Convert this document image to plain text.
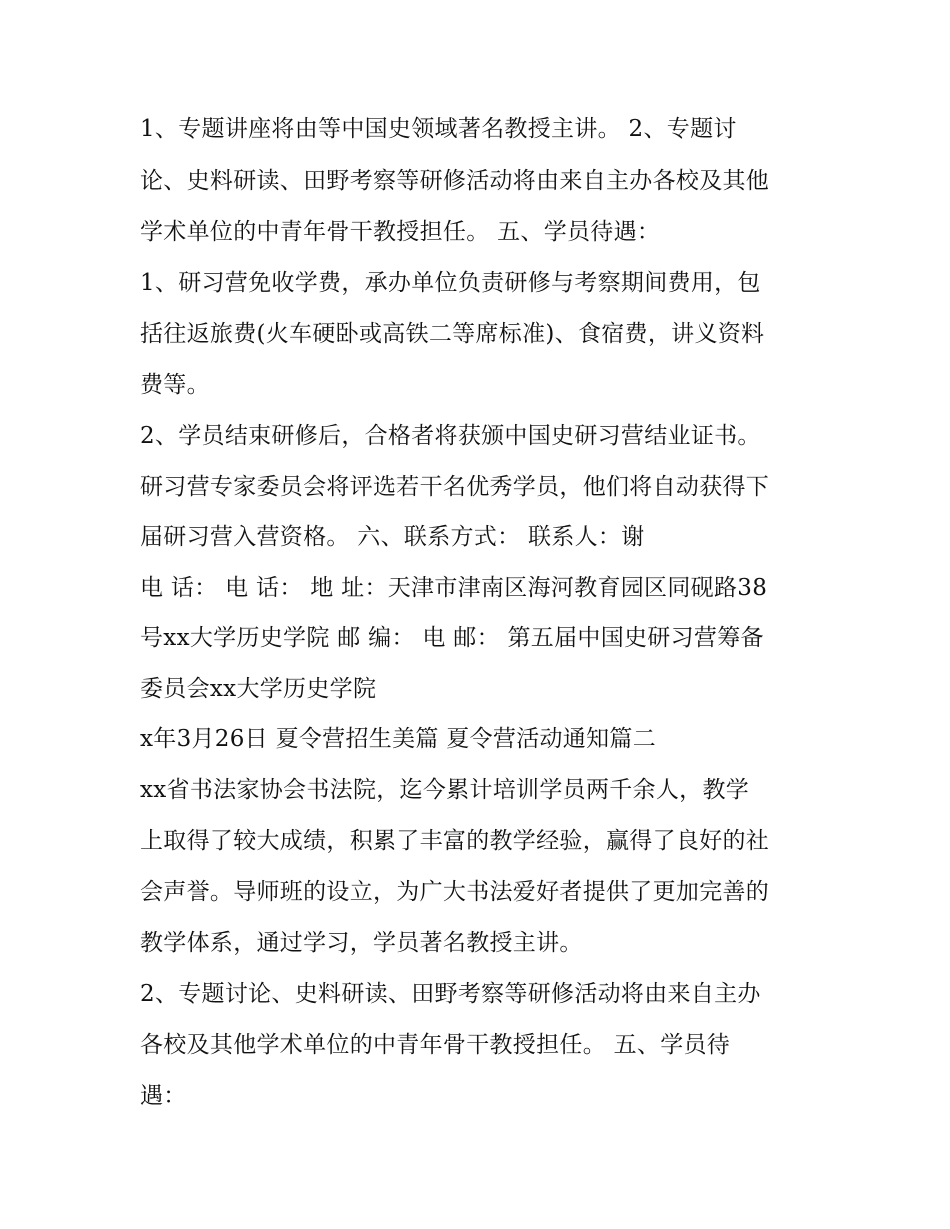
1、专题讲座将由等中国史领域著名教授主讲。 2、专题讨
论、史料研读、田野考察等研修活动将由来自主办各校及其他
学术单位的中青年骨干教授担任。 五、学员待遇：
1、研习营免收学费，承办单位负责研修与考察期间费用，包
括往返旅费(火车硬卧或高铁二等席标准)、食宿费，讲义资料
费等。
2、学员结束研修后，合格者将获颁中国史研习营结业证书。
研习营专家委员会将评选若干名优秀学员，他们将自动获得下
届研习营入营资格。 六、联系方式： 联系人：谢
电 话： 电 话： 地 址：天津市津南区海河教育园区同砚路38
号xx大学历史学院 邮 编： 电 邮： 第五届中国史研习营筹备
委员会xx大学历史学院
x年3月26日 夏令营招生美篇 夏令营活动通知篇二
xx省书法家协会书法院，迄今累计培训学员两千余人，教学
上取得了较大成绩，积累了丰富的教学经验，赢得了良好的社
会声誉。导师班的设立，为广大书法爱好者提供了更加完善的
教学体系，通过学习，学员著名教授主讲。
2、专题讨论、史料研读、田野考察等研修活动将由来自主办
各校及其他学术单位的中青年骨干教授担任。 五、学员待
遇：
